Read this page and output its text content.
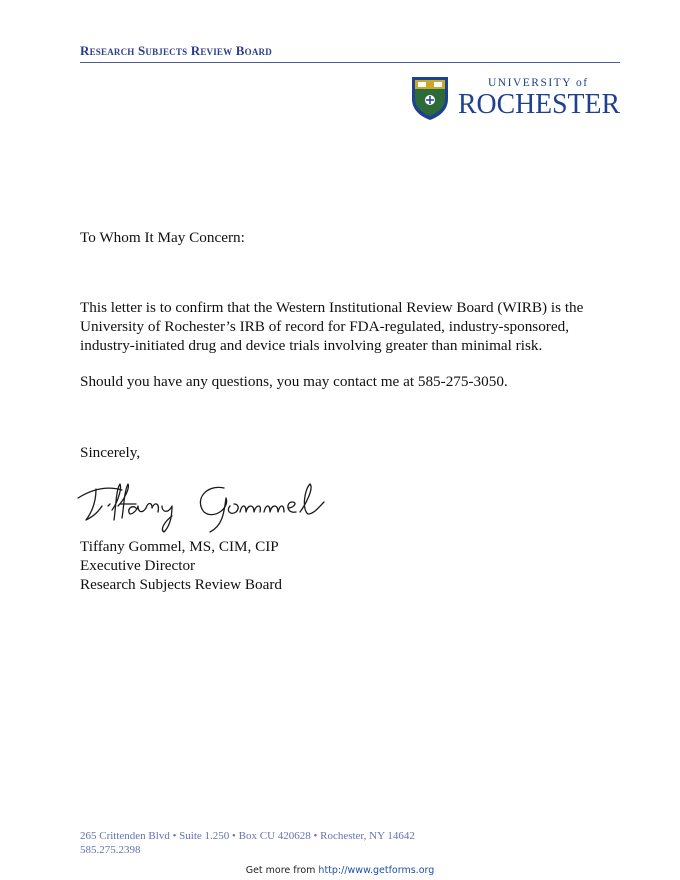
Research Subjects Review Board
UNIVERSITY of
ROCHESTER
To Whom It May Concern:
This letter is to confirm that the Western Institutional Review Board (WIRB) is the
University of Rochester’s IRB of record for FDA-regulated, industry-sponsored,
industry-initiated drug and device trials involving greater than minimal risk.
Should you have any questions, you may contact me at 585-275-3050.
Sincerely,
Tiffany Gommel, MS, CIM, CIP
Executive Director
Research Subjects Review Board
265 Crittenden Blvd • Suite 1.250 • Box CU 420628 • Rochester, NY 14642
585.275.2398
Get more from http://www.getforms.org
